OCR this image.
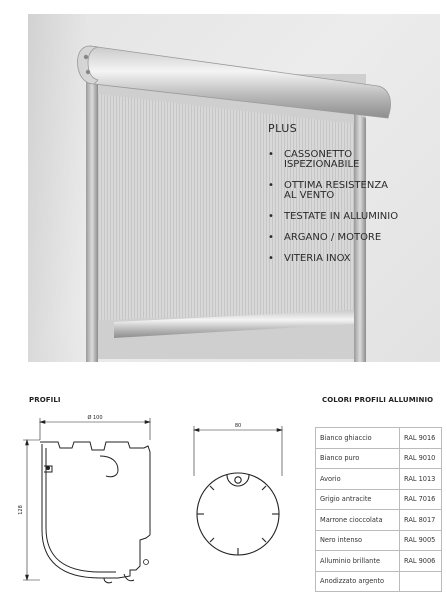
PLUS
• CASSONETTO
ISPEZIONABILE
• OTTIMA RESISTENZA
AL VENTO
• TESTATE IN ALLUMINIO
• ARGANO / MOTORE
• VITERIA INOX
PROFILI	COLORI PROFILI ALLUMINIO
Ø 100
128
80
Bianco ghiaccio	RAL 9016
Bianco puro	RAL 9010
Avorio	RAL 1013
Grigio antracite	RAL 7016
Marrone cioccolata	RAL 8017
Nero intenso	RAL 9005
Alluminio brillante	RAL 9006
Anodizzato argento	
